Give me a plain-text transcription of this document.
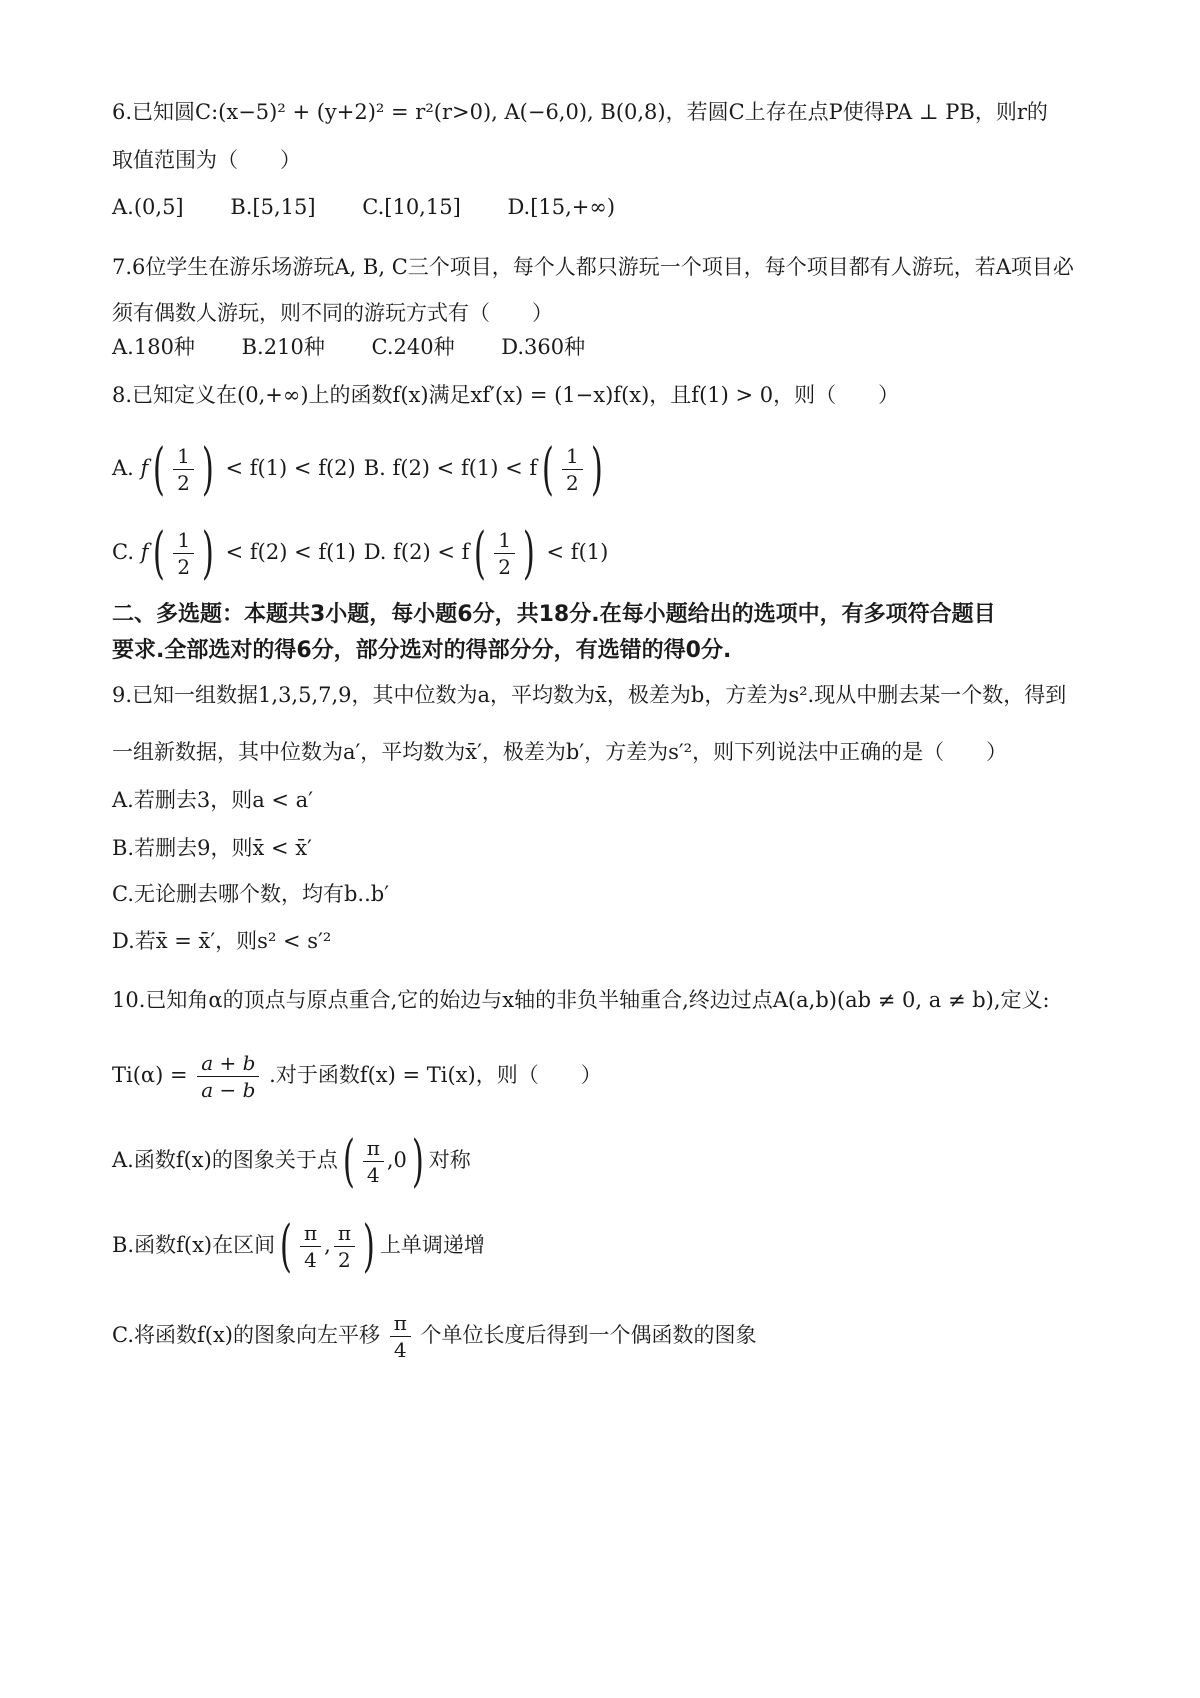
6.已知圆C:(x−5)² + (y+2)² = r²(r>0), A(−6,0), B(0,8)，若圆C上存在点P使得PA ⊥ PB，则r的
取值范围为（　　）
A.(0,5] B.[5,15] C.[10,15] D.[15,+∞)
7.6位学生在游乐场游玩A, B, C三个项目，每个人都只游玩一个项目，每个项目都有人游玩，若A项目必
须有偶数人游玩，则不同的游玩方式有（　　）
A.180种 B.210种 C.240种 D.360种
8.已知定义在(0,+∞)上的函数f(x)满足xf′(x) = (1−x)f(x)，且f(1) > 0，则（　　）
A. $f( \frac{1}{2}$ ) < f(1) < f(2) B. $f(2) < f(1) < f( \frac{1}{2}$ )
C. $f( \frac{1}{2}$ ) < f(2) < f(1) D. $f(2) < f( \frac{1}{2}$ ) < f(1)
二、多选题：本题共3小题，每小题6分，共18分.在每小题给出的选项中，有多项符合题目
要求.全部选对的得6分，部分选对的得部分分，有选错的得0分.
9.已知一组数据1,3,5,7,9，其中位数为a，平均数为x̄，极差为b，方差为s².现从中删去某一个数，得到
一组新数据，其中位数为a′，平均数为x̄′，极差为b′，方差为s′²，则下列说法中正确的是（　　）
A.若删去3，则a < a′
B.若删去9，则x̄ < x̄′
C.无论删去哪个数，均有b..b′
D.若x̄ = x̄′，则s² < s′²
10.已知角α的顶点与原点重合,它的始边与x轴的非负半轴重合,终边过点A(a,b)(ab ≠ 0, a ≠ b),定义:
$Ti(\alpha) = \frac{a + b}{a - b}$ .对于函数f(x) = Ti(x)，则（　　）
A.函数f(x)的图象关于点( $\frac{\pi}{4} ,0$) 对称
B.函数f(x)在区间( $\frac{\pi}{4}$ , $\frac{\pi}{2}$ ) 上单调递增
C.将函数f(x)的图象向左平移 $\frac{\pi}{4}$ 个单位长度后得到一个偶函数的图象
